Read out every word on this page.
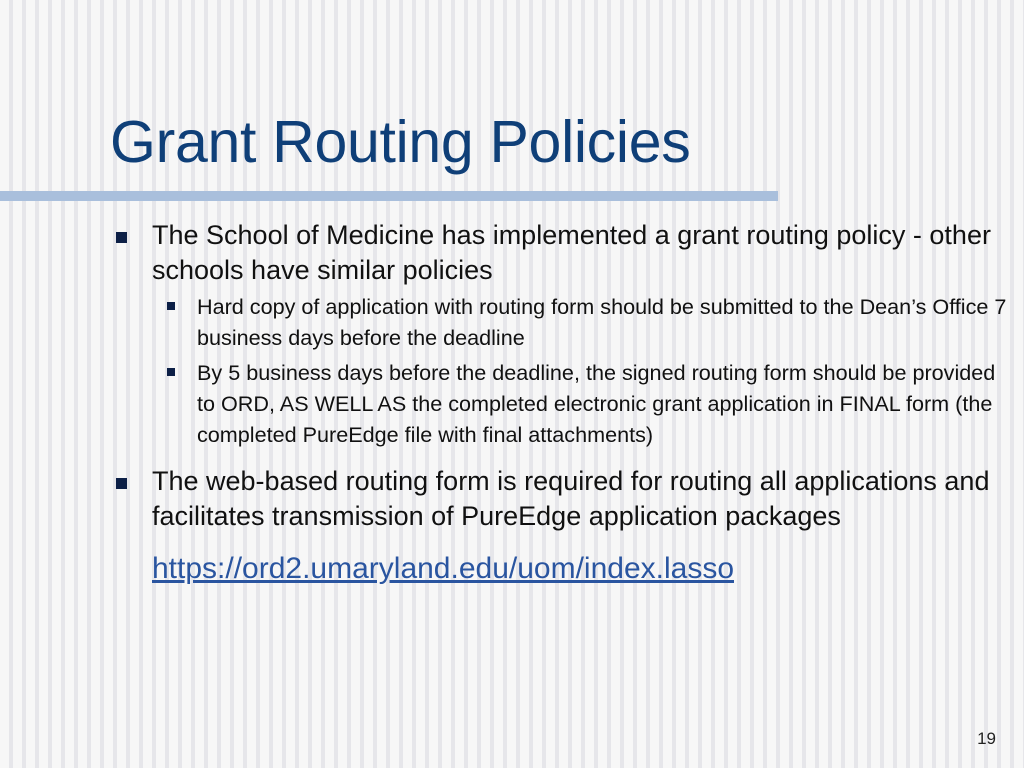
Grant Routing Policies
The School of Medicine has implemented a grant routing policy - other schools have similar policies
Hard copy of application with routing form should be submitted to the Dean’s Office 7 business days before the deadline
By 5 business days before the deadline, the signed routing form should be provided to ORD, AS WELL AS the completed electronic grant application in FINAL form (the completed PureEdge file with final attachments)
The web-based routing form is required for routing all applications and facilitates transmission of PureEdge application packages
https://ord2.umaryland.edu/uom/index.lasso
19
